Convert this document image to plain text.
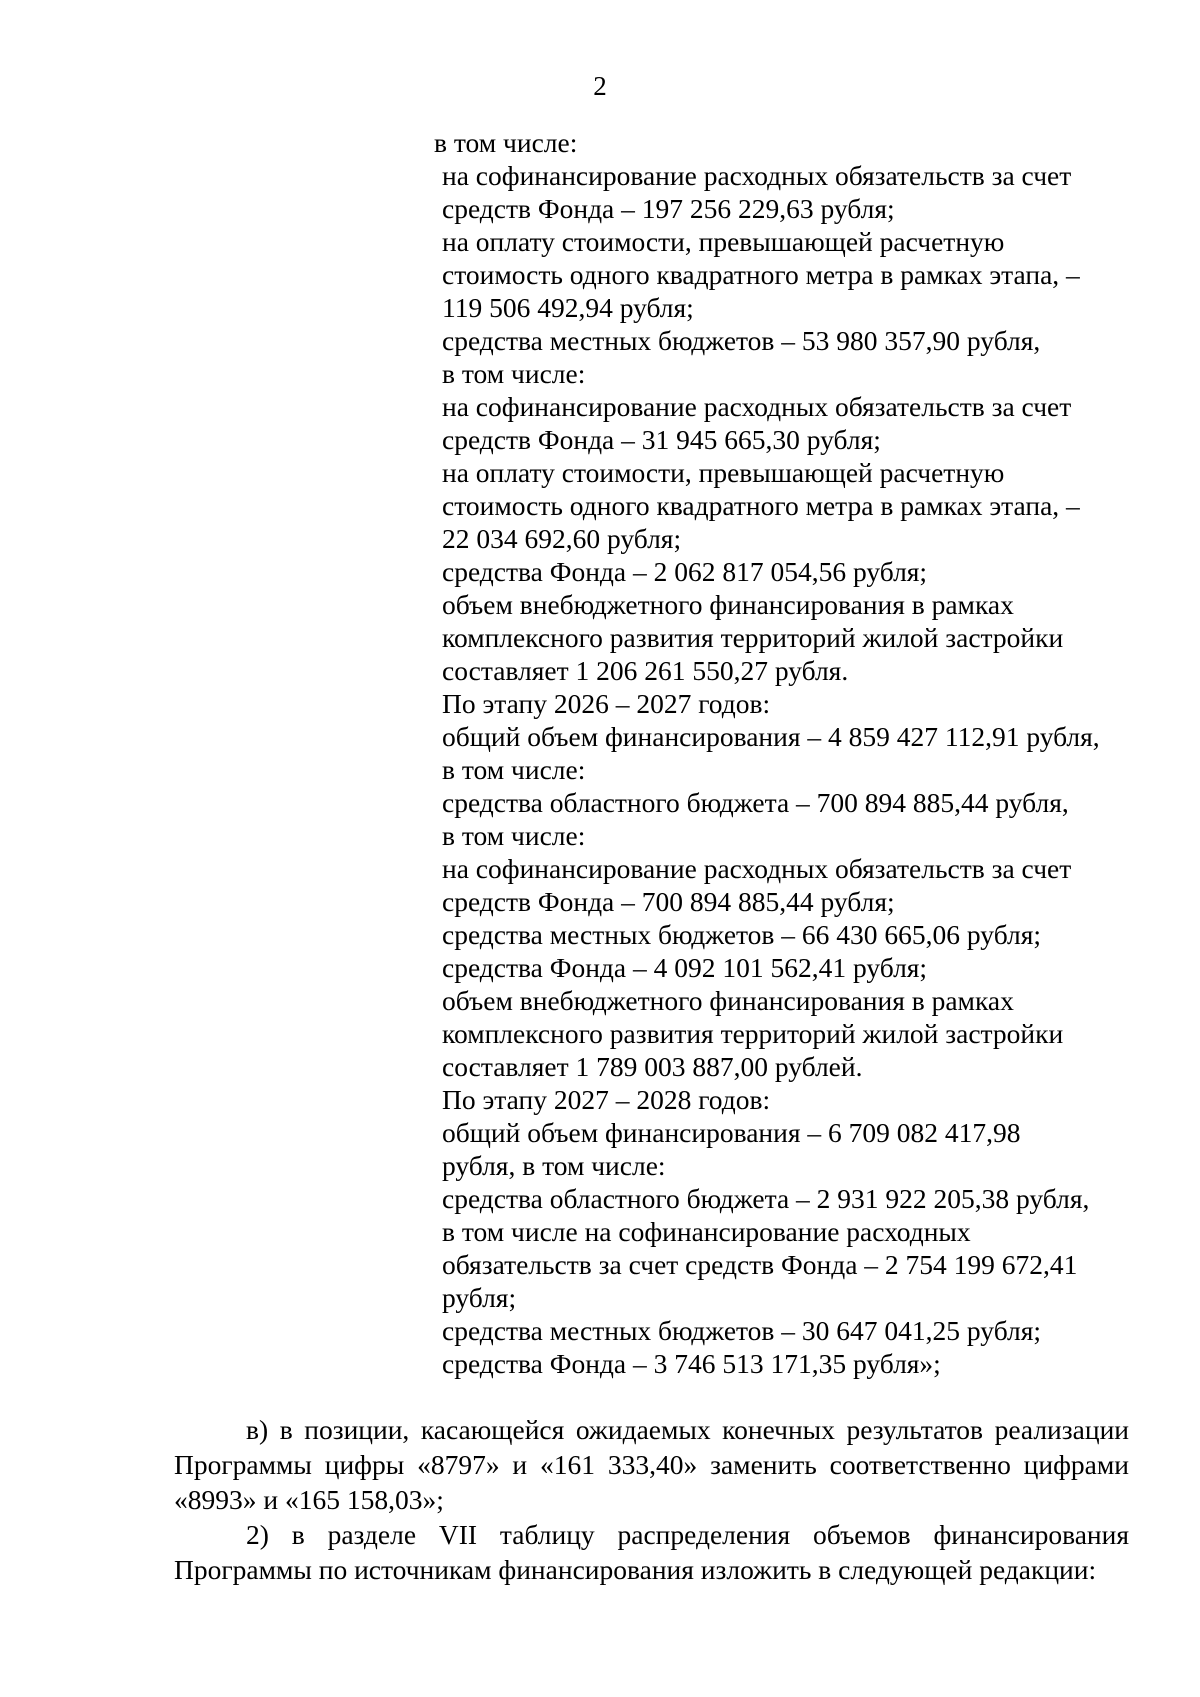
2
в том числе:
на софинансирование расходных обязательств за счет
средств Фонда – 197 256 229,63 рубля;
на оплату стоимости, превышающей расчетную
стоимость одного квадратного метра в рамках этапа, –
119 506 492,94 рубля;
средства местных бюджетов – 53 980 357,90 рубля,
в том числе:
на софинансирование расходных обязательств за счет
средств Фонда – 31 945 665,30 рубля;
на оплату стоимости, превышающей расчетную
стоимость одного квадратного метра в рамках этапа, –
22 034 692,60 рубля;
средства Фонда – 2 062 817 054,56 рубля;
объем внебюджетного финансирования в рамках
комплексного развития территорий жилой застройки
составляет 1 206 261 550,27 рубля.
По этапу 2026 – 2027 годов:
общий объем финансирования – 4 859 427 112,91 рубля,
в том числе:
средства областного бюджета – 700 894 885,44 рубля,
в том числе:
на софинансирование расходных обязательств за счет
средств Фонда – 700 894 885,44 рубля;
средства местных бюджетов – 66 430 665,06 рубля;
средства Фонда – 4 092 101 562,41 рубля;
объем внебюджетного финансирования в рамках
комплексного развития территорий жилой застройки
составляет 1 789 003 887,00 рублей.
По этапу 2027 – 2028 годов:
общий объем финансирования – 6 709 082 417,98
рубля, в том числе:
средства областного бюджета – 2 931 922 205,38 рубля,
в том числе на софинансирование расходных
обязательств за счет средств Фонда – 2 754 199 672,41
рубля;
средства местных бюджетов – 30 647 041,25 рубля;
средства Фонда – 3 746 513 171,35 рубля»;
в) в позиции, касающейся ожидаемых конечных результатов реализации
Программы цифры «8797» и «161 333,40» заменить соответственно цифрами
«8993» и «165 158,03»;
2) в разделе VII таблицу распределения объемов финансирования
Программы по источникам финансирования изложить в следующей редакции:
